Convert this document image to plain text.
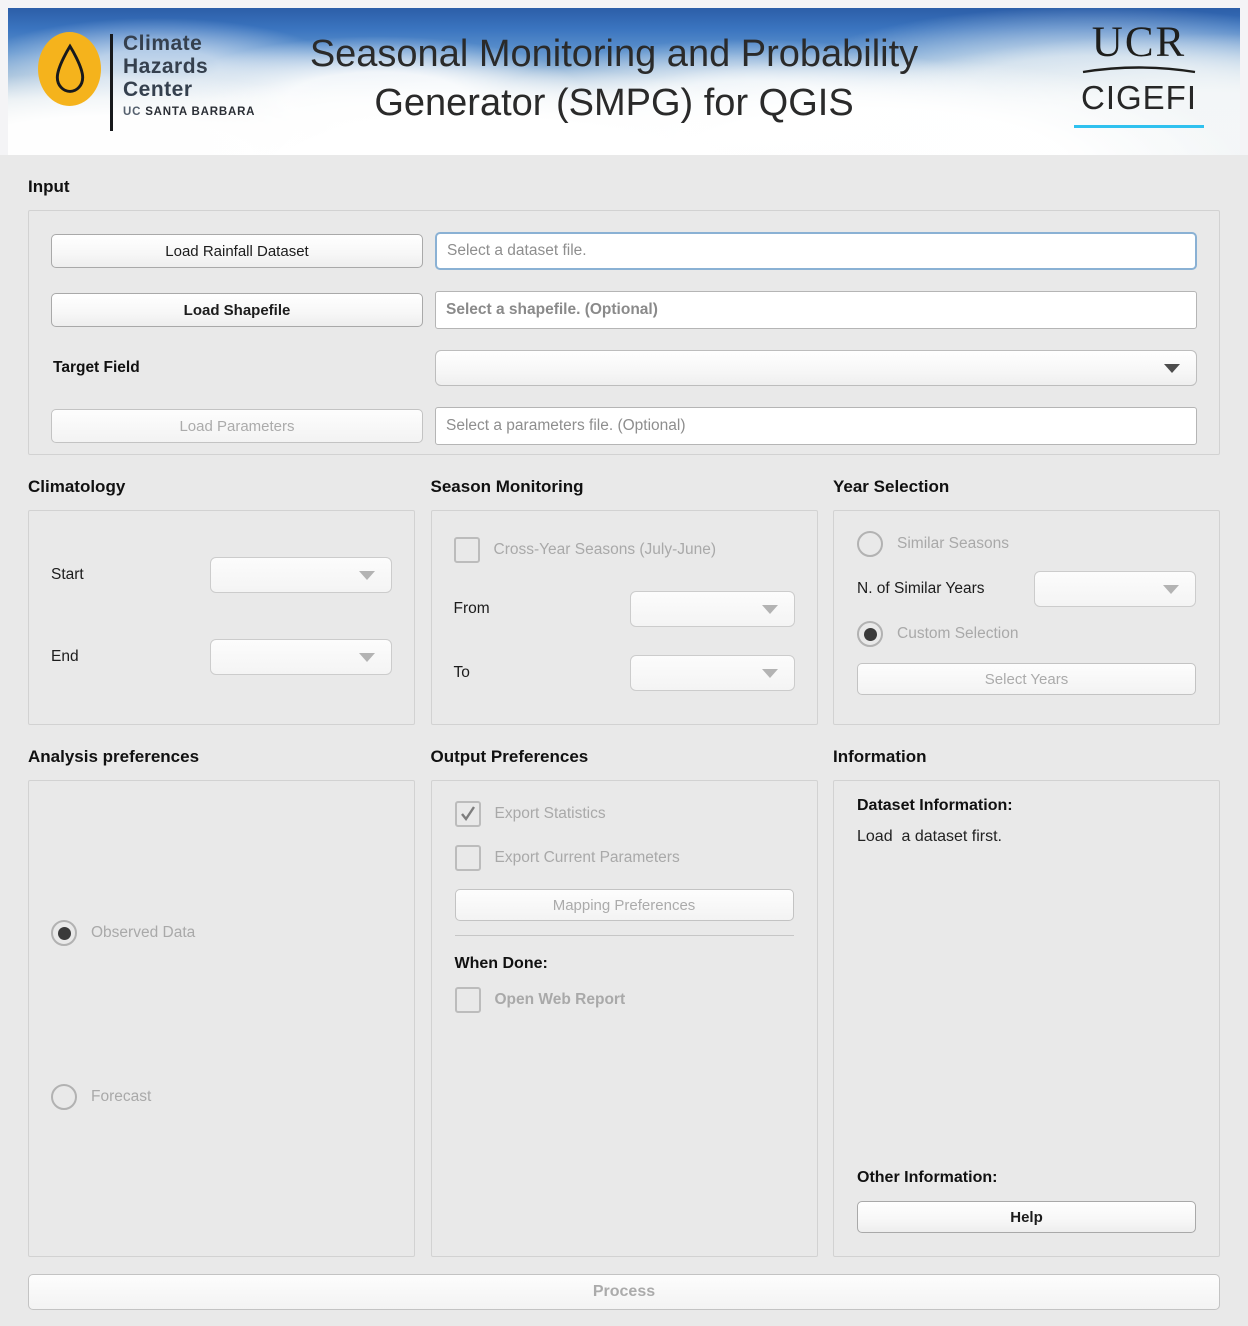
Climate
Hazards
Center
UC SANTA BARBARA
Seasonal Monitoring and Probability
Generator (SMPG) for QGIS
UCR
CIGEFI
Input
Load Rainfall Dataset
Select a dataset file.
Load Shapefile
Select a shapefile. (Optional)
Target Field
Load Parameters
Select a parameters file. (Optional)
Climatology
Start
End
Season Monitoring
Cross-Year Seasons (July-June)
From
To
Year Selection
Similar Seasons
N. of Similar Years
Custom Selection
Select Years
Analysis preferences
Observed Data
Forecast
Output Preferences
Export Statistics
Export Current Parameters
Mapping Preferences
When Done:
Open Web Report
Information
Dataset Information:
Load  a dataset first.
Other Information:
Help
Process
